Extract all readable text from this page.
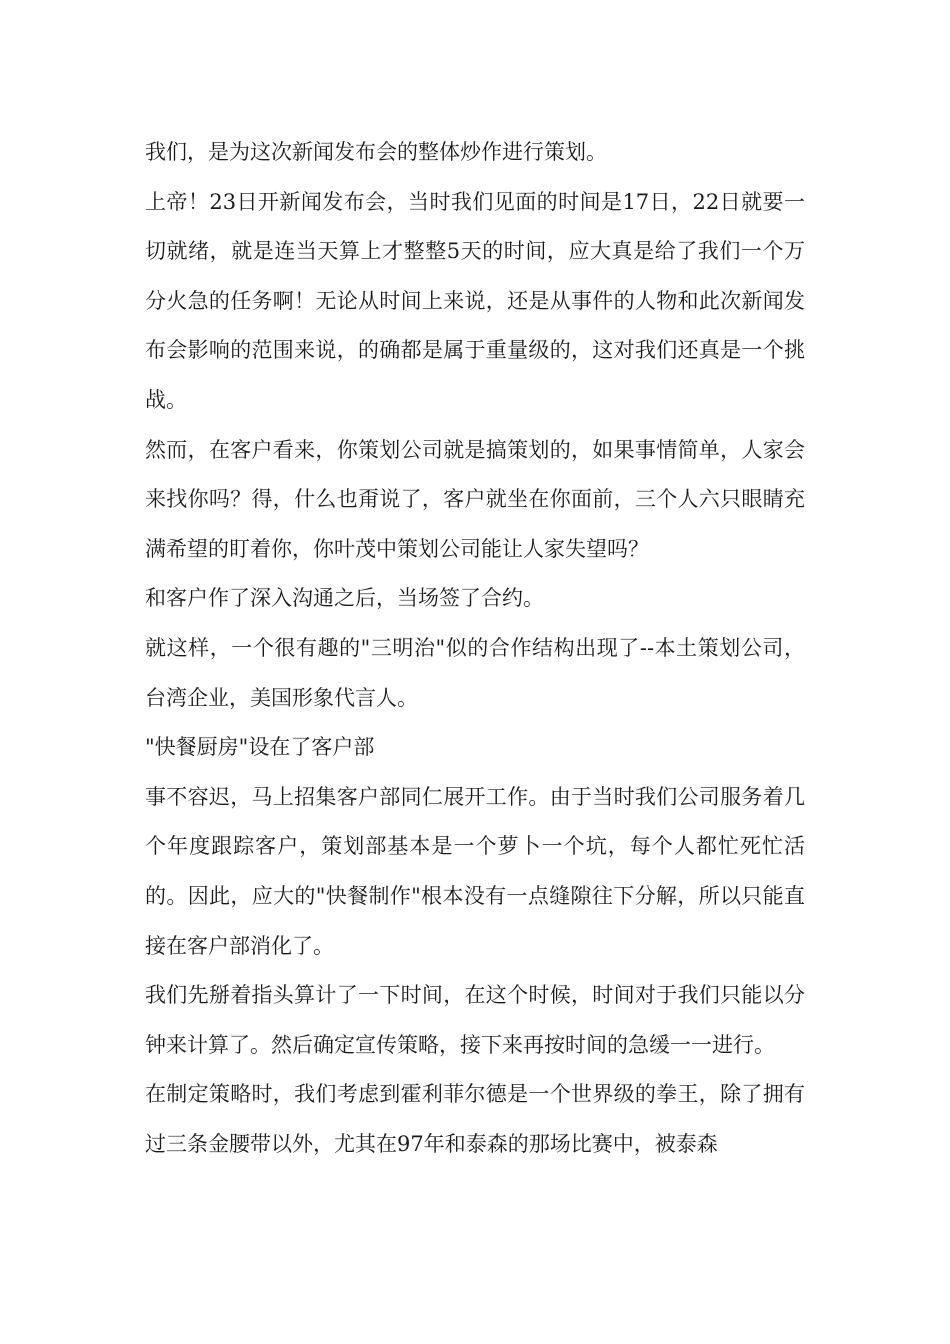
我们，是为这次新闻发布会的整体炒作进行策划。

上帝！23日开新闻发布会，当时我们见面的时间是17日，22日就要一切就绪，就是连当天算上才整整5天的时间，应大真是给了我们一个万分火急的任务啊！无论从时间上来说，还是从事件的人物和此次新闻发布会影响的范围来说，的确都是属于重量级的，这对我们还真是一个挑战。

然而，在客户看来，你策划公司就是搞策划的，如果事情简单，人家会来找你吗？得，什么也甭说了，客户就坐在你面前，三个人六只眼睛充满希望的盯着你，你叶茂中策划公司能让人家失望吗？

和客户作了深入沟通之后，当场签了合约。

就这样，一个很有趣的"三明治"似的合作结构出现了--本土策划公司，台湾企业，美国形象代言人。

"快餐厨房"设在了客户部

事不容迟，马上招集客户部同仁展开工作。由于当时我们公司服务着几个年度跟踪客户，策划部基本是一个萝卜一个坑，每个人都忙死忙活的。因此，应大的"快餐制作"根本没有一点缝隙往下分解，所以只能直接在客户部消化了。

我们先掰着指头算计了一下时间，在这个时候，时间对于我们只能以分钟来计算了。然后确定宣传策略，接下来再按时间的急缓一一进行。

在制定策略时，我们考虑到霍利菲尔德是一个世界级的拳王，除了拥有过三条金腰带以外，尤其在97年和泰森的那场比赛中，被泰森
